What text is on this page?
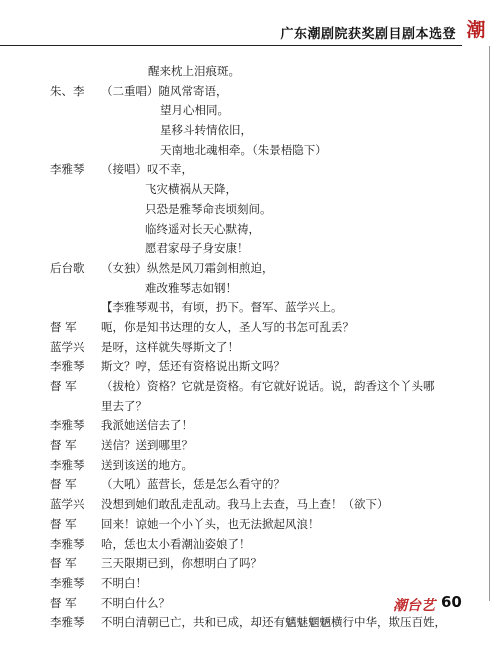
广东潮剧院获奖剧目剧本选登 潮
醒来枕上泪痕斑。
朱、李 （二重唱）随风常寄语，
望月心相同。
星移斗转情依旧，
天南地北魂相牵。（朱景梧隐下）
李雅琴 （接唱）叹不幸，
飞灾横祸从天降，
只恐是雅琴命丧顷刻间。
临终遥对长天心默祷，
愿君家母子身安康！
后台歌 （女独）纵然是风刀霜剑相煎迫，
难改雅琴志如钢！
【李雅琴观书，有顷，扔下。督军、蓝学兴上。
督 军 呃，你是知书达理的女人，圣人写的书怎可乱丢？
蓝学兴 是呀，这样就失辱斯文了！
李雅琴 斯文？哼，恁还有资格说出斯文吗？
督 军 （拔枪）资格？它就是资格。有它就好说话。说，韵香这个丫头哪
里去了？
李雅琴 我派她送信去了！
督 军 送信？送到哪里？
李雅琴 送到该送的地方。
督 军 （大吼）蓝营长，恁是怎么看守的？
蓝学兴 没想到她们敢乱走乱动。我马上去查，马上查！（欲下）
督 军 回来！谅她一个小丫头，也无法掀起风浪！
李雅琴 哈，恁也太小看潮汕姿娘了！
督 军 三天限期已到，你想明白了吗？
李雅琴 不明白！
督 军 不明白什么？
李雅琴 不明白清朝已亡，共和已成，却还有魑魅魍魉横行中华，欺压百姓，
潮台艺 60
